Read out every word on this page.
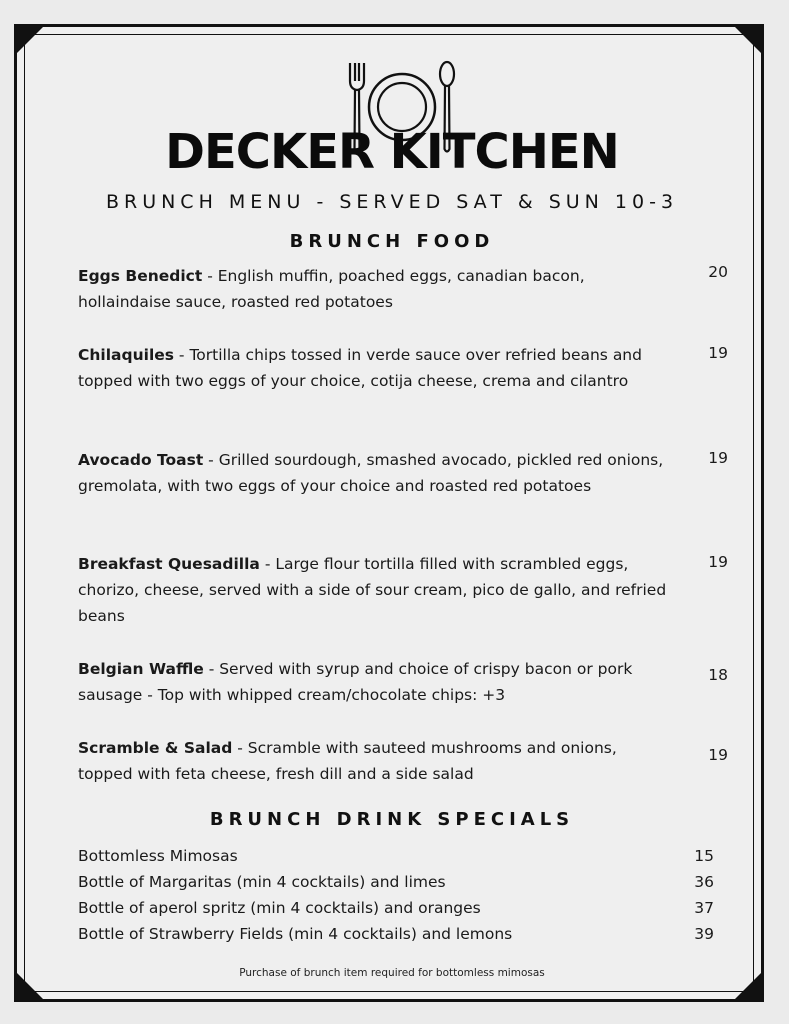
DECKER KITCHEN
BRUNCH MENU - SERVED SAT & SUN 10-3
BRUNCH FOOD
Eggs Benedict - English muffin, poached eggs, canadian bacon, hollaindaise sauce, roasted red potatoes
20
Chilaquiles - Tortilla chips tossed in verde sauce over refried beans and topped with two eggs of your choice, cotija cheese, crema and cilantro
19
Avocado Toast - Grilled sourdough, smashed avocado, pickled red onions, gremolata, with two eggs of your choice and roasted red potatoes
19
Breakfast Quesadilla - Large flour tortilla filled with scrambled eggs, chorizo, cheese, served with a side of sour cream, pico de gallo, and refried beans
19
Belgian Waffle - Served with syrup and choice of crispy bacon or pork sausage - Top with whipped cream/chocolate chips: +3
18
Scramble & Salad - Scramble with sauteed mushrooms and onions, topped with feta cheese, fresh dill and a side salad
19
BRUNCH DRINK SPECIALS
Bottomless Mimosas	15
Bottle of Margaritas (min 4 cocktails) and limes	36
Bottle of aperol spritz (min 4 cocktails) and oranges	37
Bottle of Strawberry Fields (min 4 cocktails) and lemons	39
Purchase of brunch item required for bottomless mimosas
